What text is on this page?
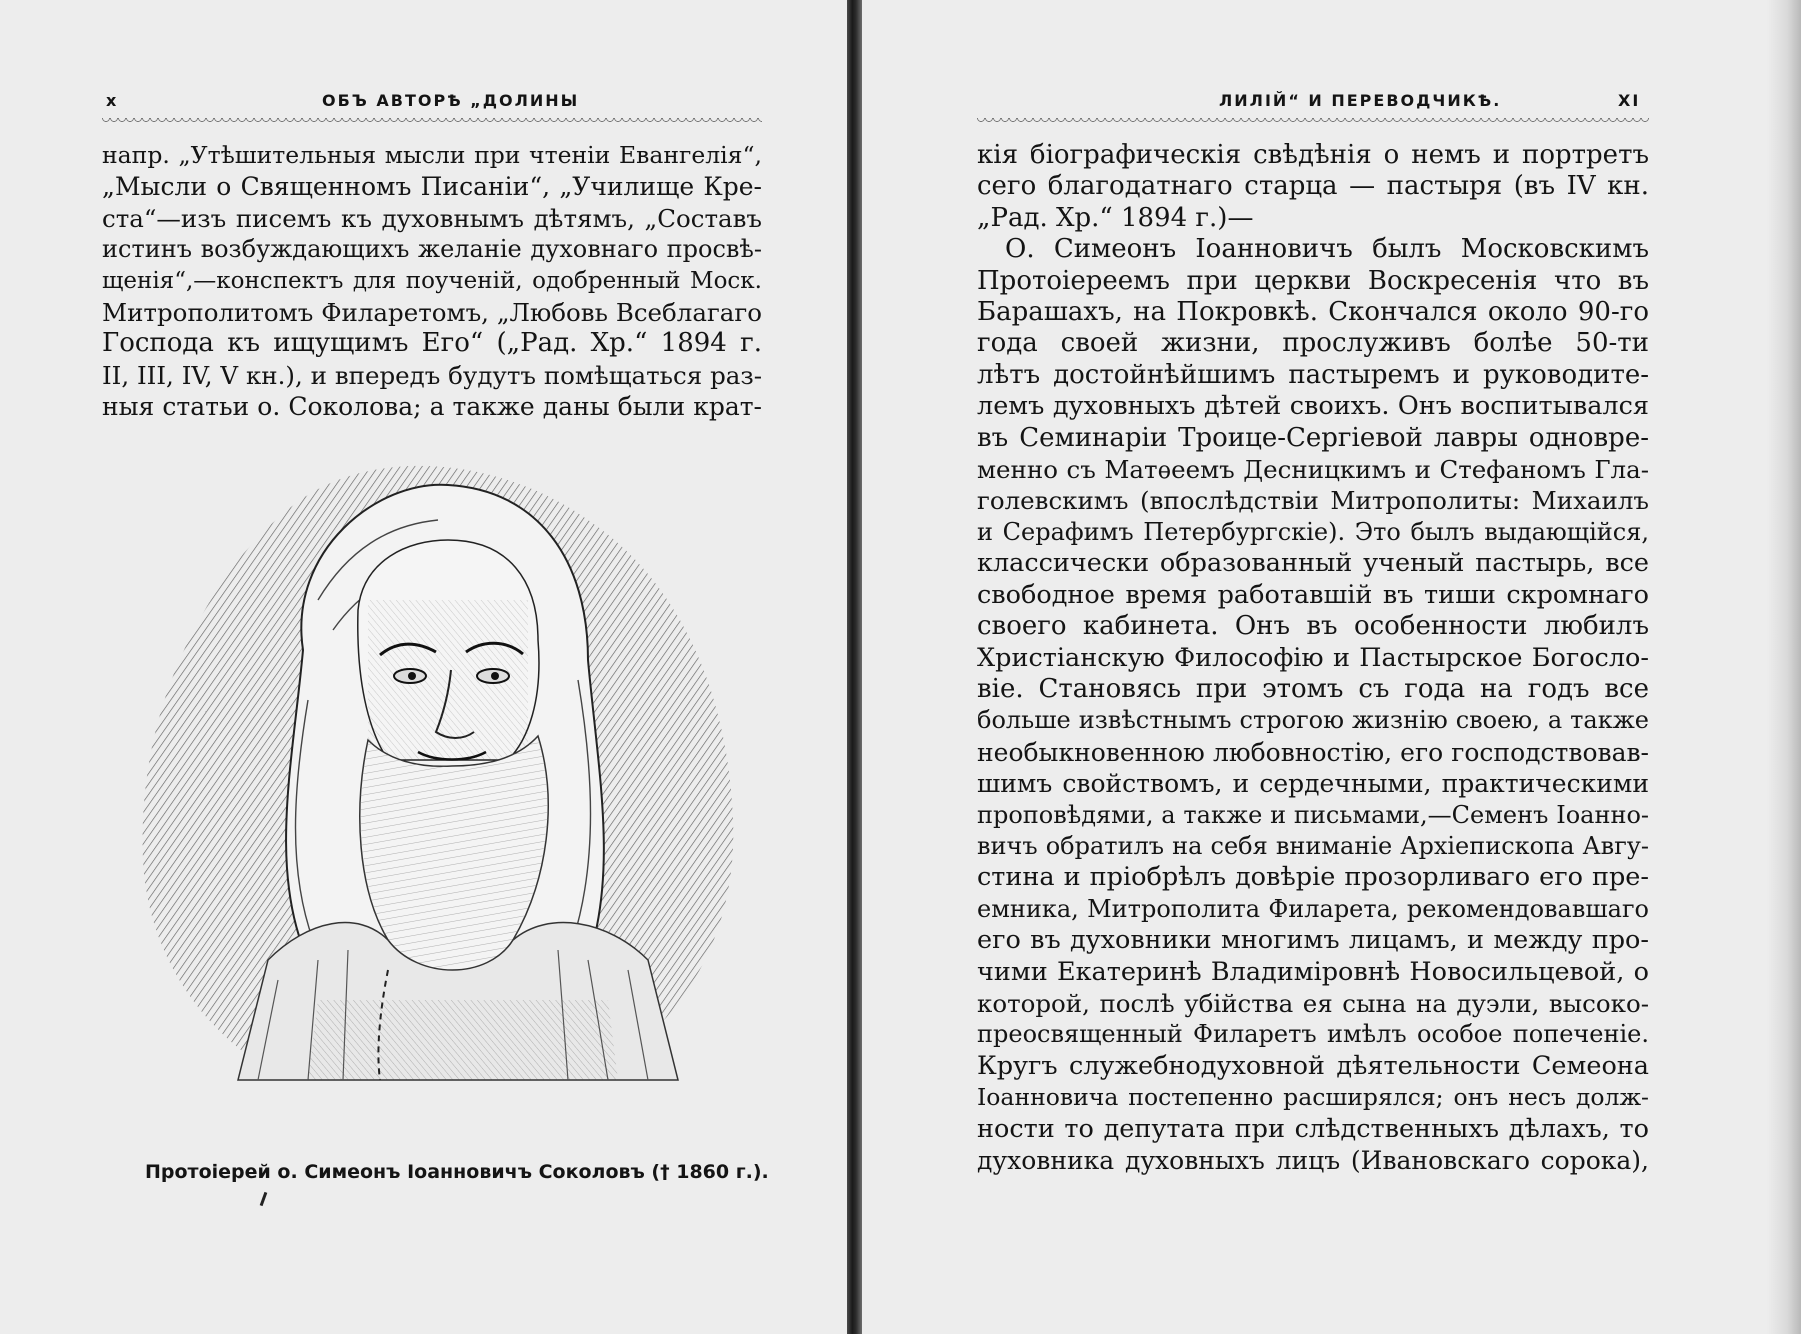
x	ОБЪ АВТОРѢ „ДОЛИНЫ
напр. „Утѣшительныя мысли при чтеніи Евангелія“,
„Мысли о Священномъ Писаніи“, „Училище Кре-
ста“—изъ писемъ къ духовнымъ дѣтямъ, „Составъ
истинъ возбуждающихъ желаніе духовнаго просвѣ-
щенія“,—конспектъ для поученій, одобренный Моск.
Митрополитомъ Филаретомъ, „Любовь Всеблагаго
Господа къ ищущимъ Его“ („Рад. Хр.“ 1894 г.
II, III, IV, V кн.), и впередъ будутъ помѣщаться раз-
ныя статьи о. Соколова; а также даны были крат-
Протоіерей о. Симеонъ Іоанновичъ Соколовъ († 1860 г.).
ЛИЛІЙ“ И ПЕРЕВОДЧИКѢ.	XI
кія біографическія свѣдѣнія о немъ и портретъ
сего благодатнаго старца — пастыря (въ IV кн.
„Рад. Хр.“ 1894 г.)—
О. Симеонъ Іоанновичъ былъ Московскимъ
Протоіереемъ при церкви Воскресенія что въ
Барашахъ, на Покровкѣ. Скончался около 90-го
года своей жизни, прослуживъ болѣе 50-ти
лѣтъ достойнѣйшимъ пастыремъ и руководите-
лемъ духовныхъ дѣтей своихъ. Онъ воспитывался
въ Семинаріи Троице-Сергіевой лавры одновре-
менно съ Матѳеемъ Десницкимъ и Стефаномъ Гла-
голевскимъ (впослѣдствіи Митрополиты: Михаилъ
и Серафимъ Петербургскіе). Это былъ выдающійся,
классически образованный ученый пастырь, все
свободное время работавшій въ тиши скромнаго
своего кабинета. Онъ въ особенности любилъ
Христіанскую Философію и Пастырское Богосло-
віе. Становясь при этомъ съ года на годъ все
больше извѣстнымъ строгою жизнію своею, а также
необыкновенною любовностію, его господствовав-
шимъ свойствомъ, и сердечными, практическими
проповѣдями, а также и письмами,—Семенъ Іоанно-
вичъ обратилъ на себя вниманіе Архіепископа Авгу-
стина и пріобрѣлъ довѣріе прозорливаго его пре-
емника, Митрополита Филарета, рекомендовавшаго
его въ духовники многимъ лицамъ, и между про-
чими Екатеринѣ Владиміровнѣ Новосильцевой, о
которой, послѣ убійства ея сына на дуэли, высоко-
преосвященный Филаретъ имѣлъ особое попеченіе.
Кругъ служебнодуховной дѣятельности Семеона
Іоанновича постепенно расширялся; онъ несъ долж-
ности то депутата при слѣдственныхъ дѣлахъ, то
духовника духовныхъ лицъ (Ивановскаго сорока),
